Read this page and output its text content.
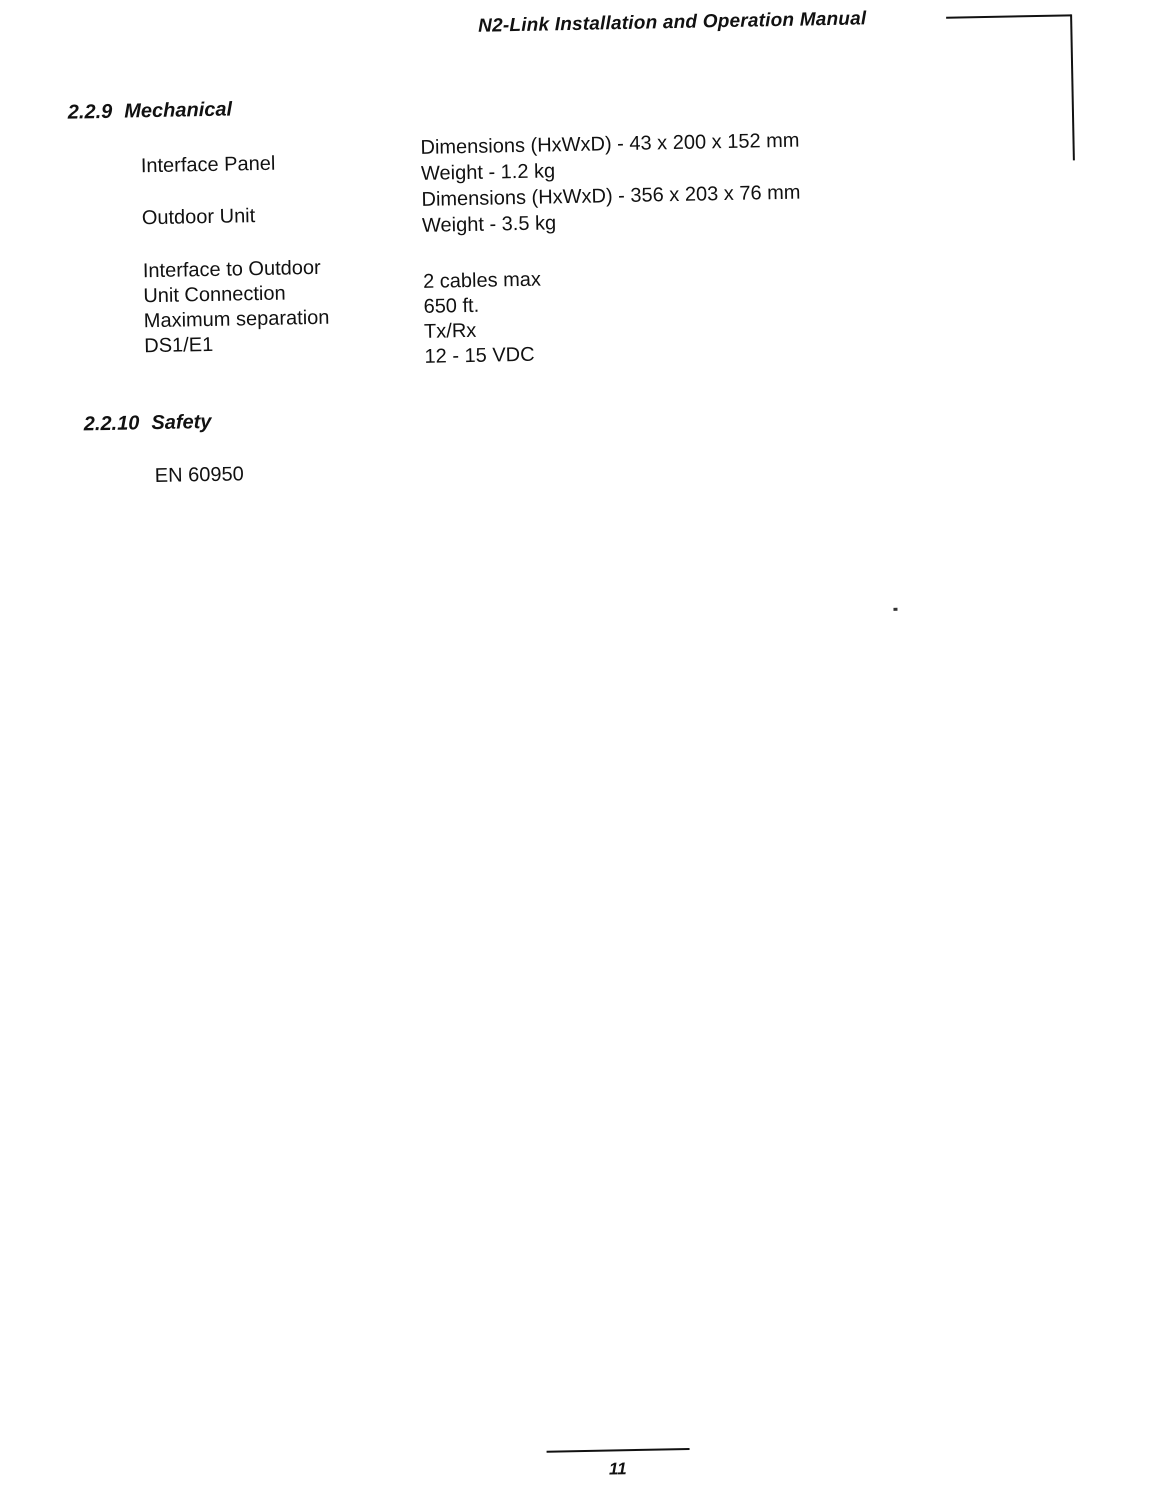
N2-Link Installation and Operation Manual
2.2.9 Mechanical
Interface Panel
Outdoor Unit
Interface to Outdoor
Unit Connection
Maximum separation
DS1/E1
Dimensions (HxWxD) - 43 x 200 x 152 mm
Weight - 1.2 kg
Dimensions (HxWxD) - 356 x 203 x 76 mm
Weight - 3.5 kg
2 cables max
650 ft.
Tx/Rx
12 - 15 VDC
2.2.10 Safety
EN 60950
11
